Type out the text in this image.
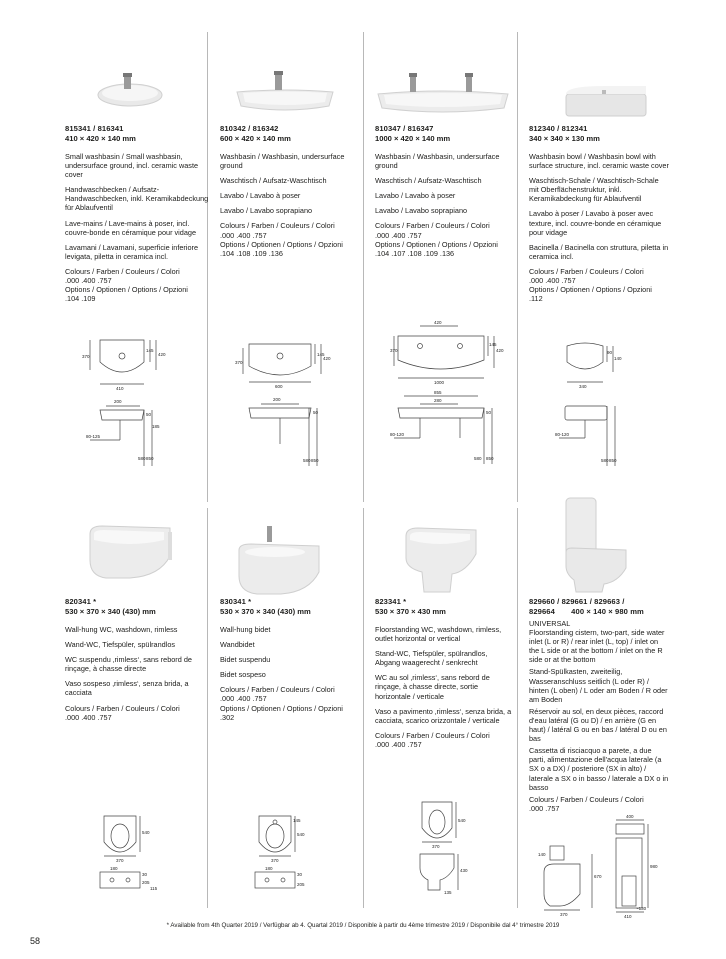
815341 / 816341
410 × 420 × 140 mm

Small washbasin / Small washbasin, undersurface ground, incl. ceramic waste cover

Handwaschbecken / Aufsatz-Handwaschbecken, inkl. Keramikabdeckung für Ablaufventil

Lave-mains / Lave-mains à poser, incl. couvre-bonde en céramique pour vidage

Lavamani / Lavamani, superficie inferiore levigata, piletta in ceramica incl.

Colours / Farben / Couleurs / Colori
.000 .400 .757
Options / Optionen / Options / Opzioni
.104 .109

810342 / 816342
600 × 420 × 140 mm

Washbasin / Washbasin, undersurface ground

Waschtisch / Aufsatz-Waschtisch

Lavabo / Lavabo à poser

Lavabo / Lavabo soprapiano

Colours / Farben / Couleurs / Colori
.000 .400 .757
Options / Optionen / Options / Opzioni
.104 .108 .109 .136

810347 / 816347
1000 × 420 × 140 mm

Washbasin / Washbasin, undersurface ground

Waschtisch / Aufsatz-Waschtisch

Lavabo / Lavabo à poser

Lavabo / Lavabo soprapiano

Colours / Farben / Couleurs / Colori
.000 .400 .757
Options / Optionen / Options / Opzioni
.104 .107 .108 .109 .136

812340 / 812341
340 × 340 × 130 mm

Washbasin bowl / Washbasin bowl with surface structure, incl. ceramic waste cover

Waschtisch-Schale / Waschtisch-Schale mit Oberflächenstruktur, inkl. Keramikabdeckung für Ablaufventil

Lavabo à poser / Lavabo à poser avec texture, incl. couvre-bonde en céramique pour vidage

Bacinella / Bacinella con struttura, piletta in ceramica incl.

Colours / Farben / Couleurs / Colori
.000 .400 .757
Options / Optionen / Options / Opzioni
.112

370
145
420
410
200
50
185
580 850
80-125
370
145
420
600
200
50
580 850
420
370
145
420
1000
855
280
50
80-120
580 850
90
140
340
80-120
580 850
820341 *
530 × 370 × 340 (430) mm

Wall-hung WC, washdown, rimless

Wand-WC, Tiefspüler, spülrandlos

WC suspendu ‚rimless‘, sans rebord de rinçage, à chasse directe

Vaso sospeso ‚rimless‘, senza brida, a cacciata

Colours / Farben / Couleurs / Colori
.000 .400 .757

830341 *
530 × 370 × 340 (430) mm

Wall-hung bidet

Wandbidet

Bidet suspendu

Bidet sospeso

Colours / Farben / Couleurs / Colori
.000 .400 .757
Options / Optionen / Options / Opzioni
.302

823341 *
530 × 370 × 430 mm

Floorstanding WC, washdown, rimless, outlet horizontal or vertical

Stand-WC, Tiefspüler, spülrandlos, Abgang waagerecht / senkrecht

WC au sol ‚rimless‘, sans rebord de rinçage, à chasse directe, sortie horizontale / verticale

Vaso a pavimento ‚rimless‘, senza brida, a cacciata, scarico orizzontale / verticale

Colours / Farben / Couleurs / Colori
.000 .400 .757

829660 / 829661 / 829663 /
829664 400 × 140 × 980 mm

UNIVERSAL
Floorstanding cistern, two-part, side water inlet (L or R) / rear inlet (L, top) / inlet on the L side or at the bottom / inlet on the R side or at the bottom

Stand-Spülkasten, zweiteilig, Wasseranschluss seitlich (L oder R) / hinten (L oben) / L oder am Boden / R oder am Boden

Réservoir au sol, en deux pièces, raccord d'eau latéral (G ou D) / en arrière (G en haut) / latéral G ou en bas / latéral D ou en bas

Cassetta di risciacquo a parete, a due parti, alimentazione dell'acqua laterale (a SX o a DX) / posteriore (SX in alto) / laterale a SX o in basso / laterale a DX o in basso

Colours / Farben / Couleurs / Colori
.000 .757

540
370
180
30
205
115
145
540
370
180
30
205
540
370
430
135
400
140
980
670
370	410
~130
* Available from 4th Quarter 2019 / Verfügbar ab 4. Quartal 2019 / Disponible à partir du 4ème trimestre 2019 / Disponibile dal 4° trimestre 2019
58
